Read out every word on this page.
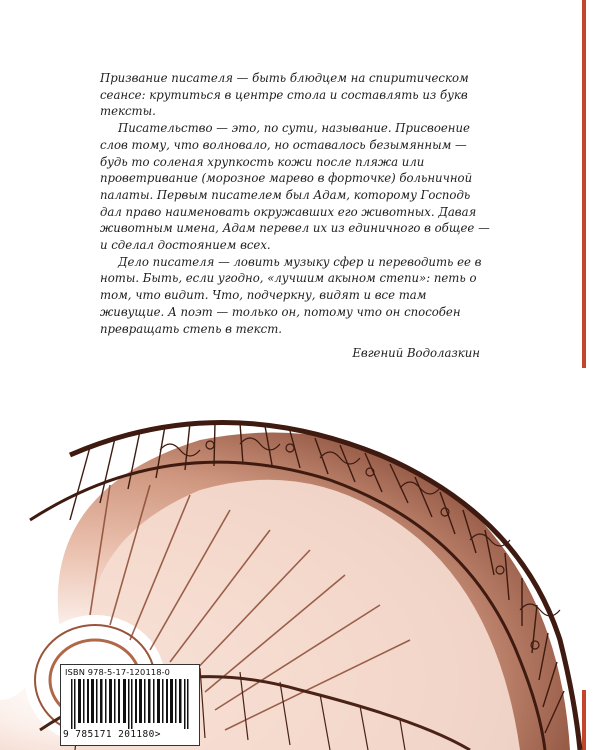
Призвание писателя — быть блюдцем на спиритическом сеансе: крутиться в центре стола и составлять из букв тексты.

Писательство — это, по сути, называние. Присвоение слов тому, что волновало, но оставалось безымянным — будь то соленая хрупкость кожи после пляжа или проветривание (морозное марево в форточке) больничной палаты. Первым писателем был Адам, которому Господь дал право наименовать окружавших его животных. Давая животным имена, Адам перевел их из единичного в общее — и сделал достоянием всех.

Дело писателя — ловить музыку сфер и переводить ее в ноты. Быть, если угодно, «лучшим акыном степи»: петь о том, что видит. Что, подчеркну, видят и все там живущие. А поэт — только он, потому что он способен превращать степь в текст.

Евгений Водолазкин
ISBN 978-5-17-120118-0
9 785171 201180>
